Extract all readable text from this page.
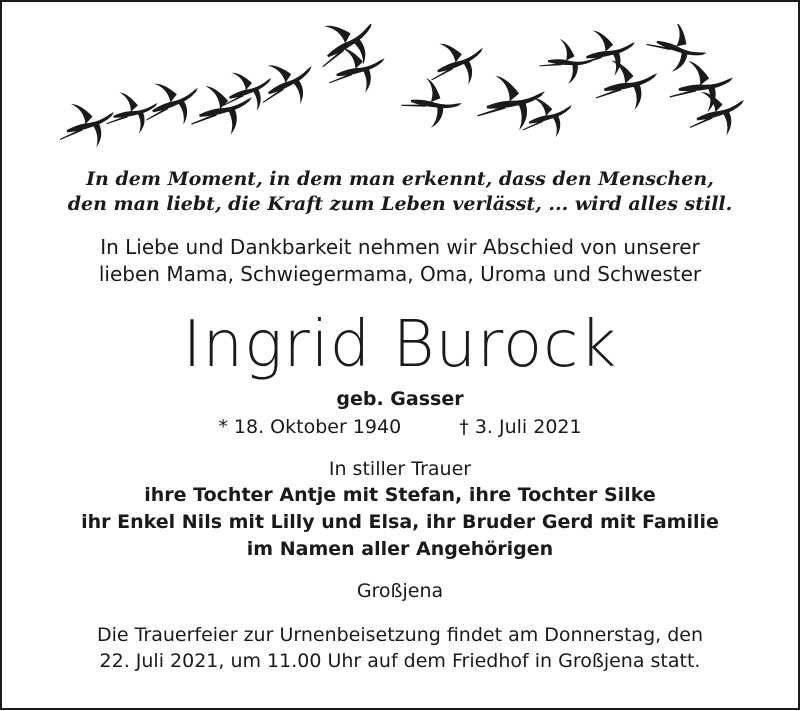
In dem Moment, in dem man erkennt, dass den Menschen,
den man liebt, die Kraft zum Leben verlässt, ... wird alles still.
In Liebe und Dankbarkeit nehmen wir Abschied von unserer
lieben Mama, Schwiegermama, Oma, Uroma und Schwester
Ingrid Burock
geb. Gasser
* 18. Oktober 1940	† 3. Juli 2021
In stiller Trauer
ihre Tochter Antje mit Stefan, ihre Tochter Silke
ihr Enkel Nils mit Lilly und Elsa, ihr Bruder Gerd mit Familie
im Namen aller Angehörigen
Großjena
Die Trauerfeier zur Urnenbeisetzung findet am Donnerstag, den
22. Juli 2021, um 11.00 Uhr auf dem Friedhof in Großjena statt.
